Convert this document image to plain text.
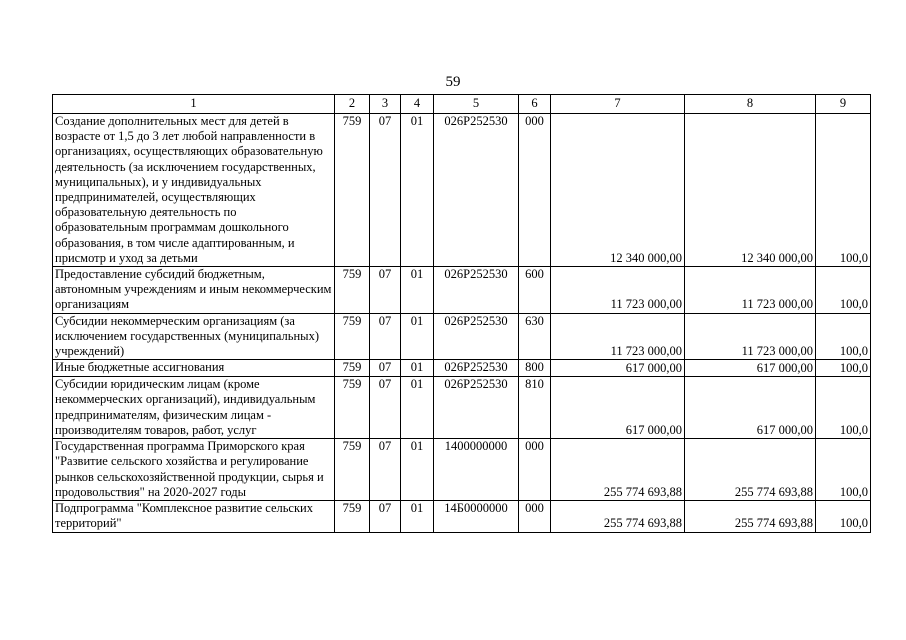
59
1	2	3	4	5	6	7	8	9
Создание дополнительных мест для детей в возрасте от 1,5 до 3 лет любой направленности в организациях, осуществляющих образовательную деятельность (за исключением государственных, муниципальных), и у индивидуальных предпринимателей, осуществляющих образовательную деятельность по образовательным программам дошкольного образования, в том числе адаптированным, и присмотр и уход за детьми	759	07	01	026P252530	000	12 340 000,00	12 340 000,00	100,0
Предоставление субсидий бюджетным, автономным учреждениям и иным некоммерческим организациям	759	07	01	026P252530	600	11 723 000,00	11 723 000,00	100,0
Субсидии некоммерческим организациям (за исключением государственных (муниципальных) учреждений)	759	07	01	026P252530	630	11 723 000,00	11 723 000,00	100,0
Иные бюджетные ассигнования	759	07	01	026P252530	800	617 000,00	617 000,00	100,0
Субсидии юридическим лицам (кроме некоммерческих организаций), индивидуальным предпринимателям, физическим лицам - производителям товаров, работ, услуг	759	07	01	026P252530	810	617 000,00	617 000,00	100,0
Государственная программа Приморского края "Развитие сельского хозяйства и регулирование рынков сельскохозяйственной продукции, сырья и продовольствия" на 2020-2027 годы	759	07	01	1400000000	000	255 774 693,88	255 774 693,88	100,0
Подпрограмма "Комплексное развитие сельских территорий"	759	07	01	14Б0000000	000	255 774 693,88	255 774 693,88	100,0
